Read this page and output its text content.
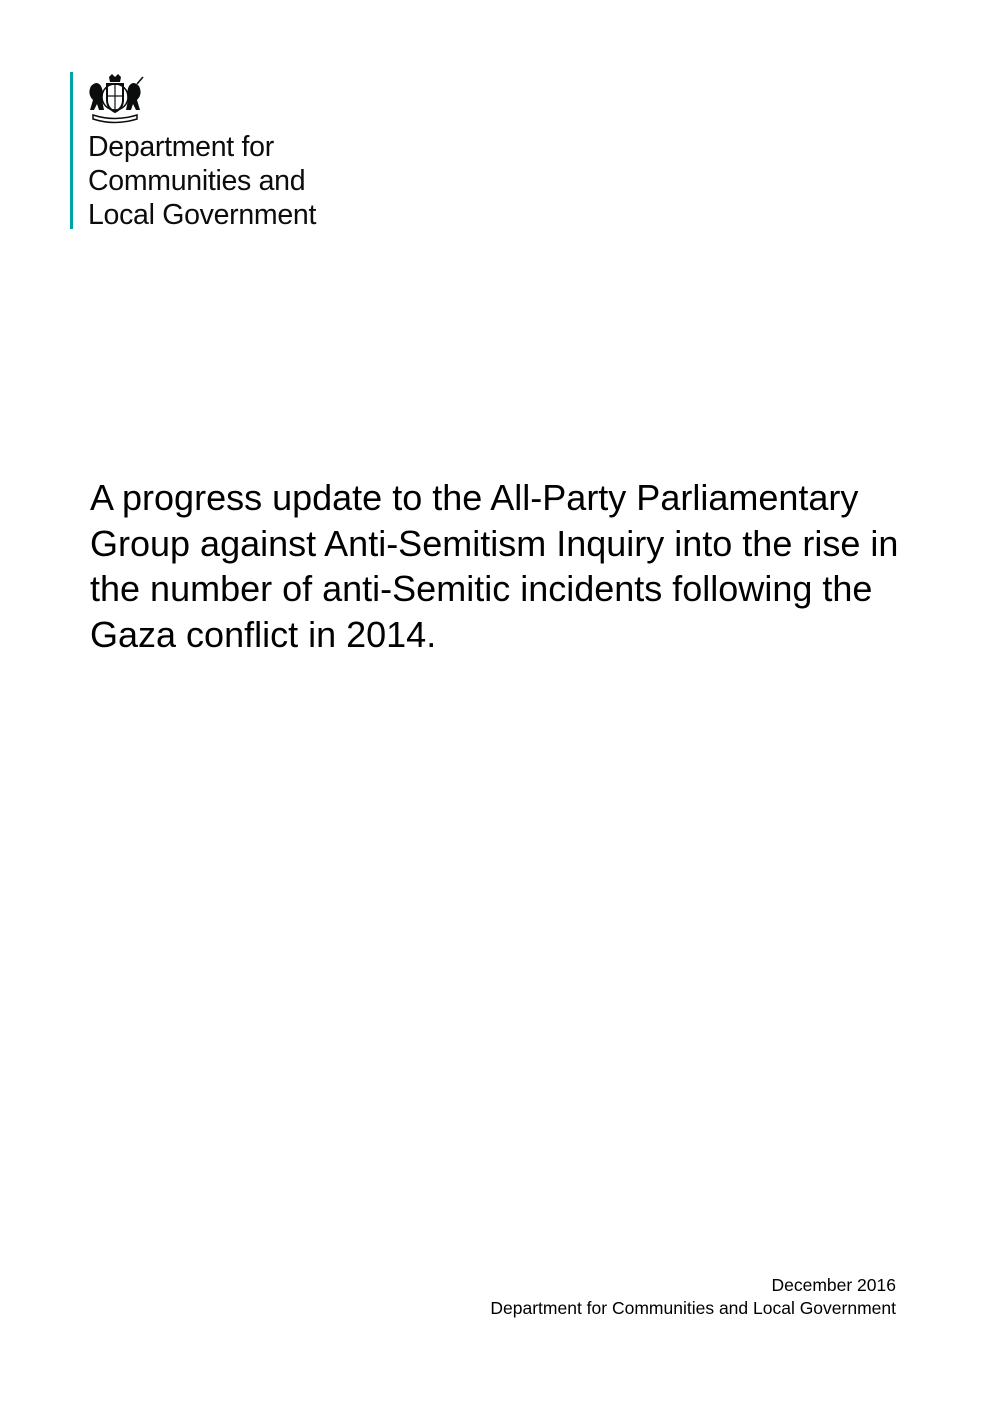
Department for
Communities and
Local Government
A progress update to the All-Party Parliamentary Group against Anti-Semitism Inquiry into the rise in the number of anti-Semitic incidents following the Gaza conflict in 2014.
December 2016
Department for Communities and Local Government
